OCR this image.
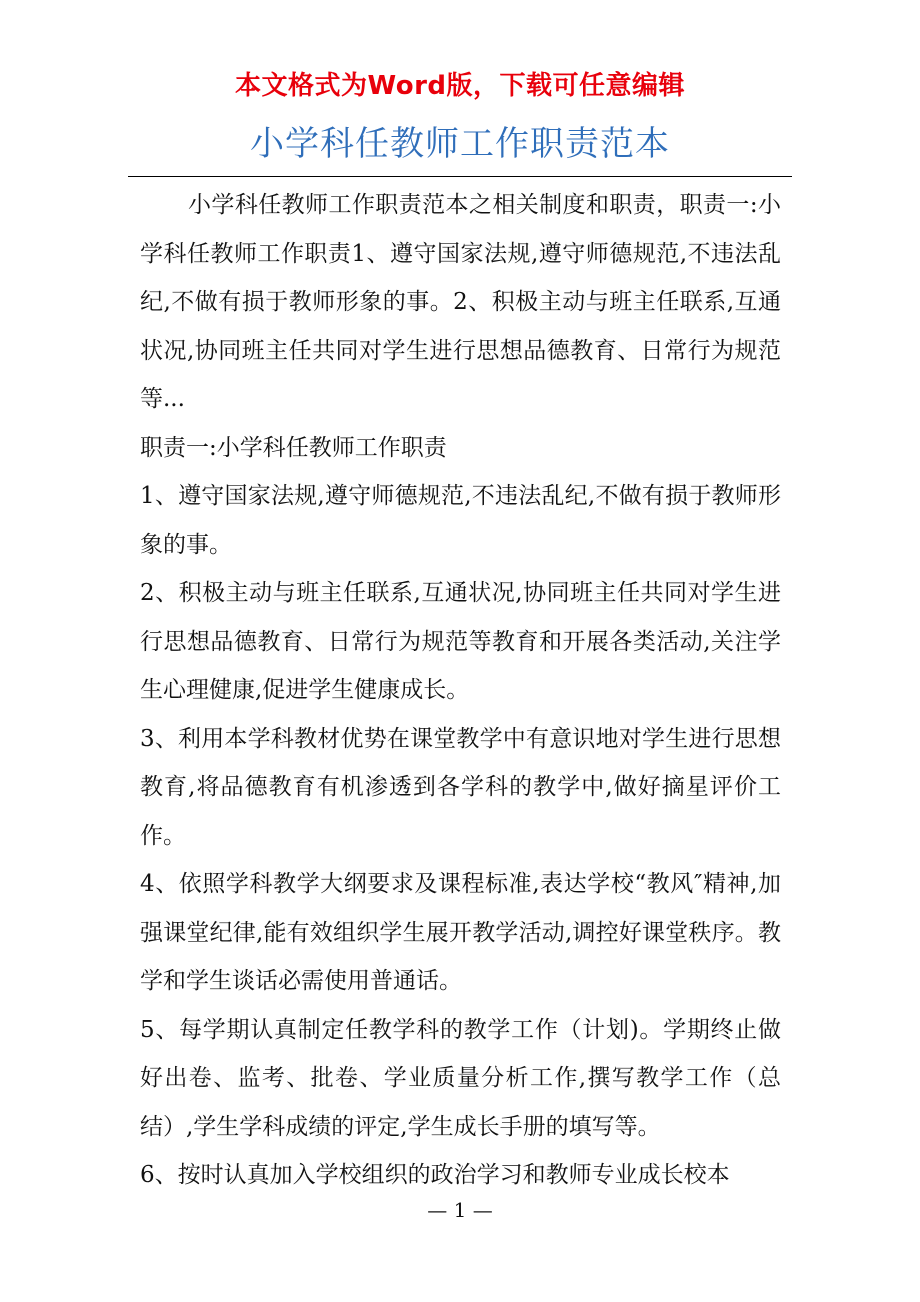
本文格式为Word版，下载可任意编辑
小学科任教师工作职责范本

小学科任教师工作职责范本之相关制度和职责，职责一:小学科任教师工作职责1、遵守国家法规,遵守师德规范,不违法乱纪,不做有损于教师形象的事。2、积极主动与班主任联系,互通状况,协同班主任共同对学生进行思想品德教育、日常行为规范等...

职责一:小学科任教师工作职责

1、遵守国家法规,遵守师德规范,不违法乱纪,不做有损于教师形象的事。

2、积极主动与班主任联系,互通状况,协同班主任共同对学生进行思想品德教育、日常行为规范等教育和开展各类活动,关注学生心理健康,促进学生健康成长。

3、利用本学科教材优势在课堂教学中有意识地对学生进行思想教育,将品德教育有机渗透到各学科的教学中,做好摘星评价工作。

4、依照学科教学大纲要求及课程标准,表达学校“教风″精神,加强课堂纪律,能有效组织学生展开教学活动,调控好课堂秩序。教学和学生谈话必需使用普通话。

5、每学期认真制定任教学科的教学工作（计划)。学期终止做好出卷、监考、批卷、学业质量分析工作,撰写教学工作（总结）,学生学科成绩的评定,学生成长手册的填写等。

6、按时认真加入学校组织的政治学习和教师专业成长校本

— 1 —
